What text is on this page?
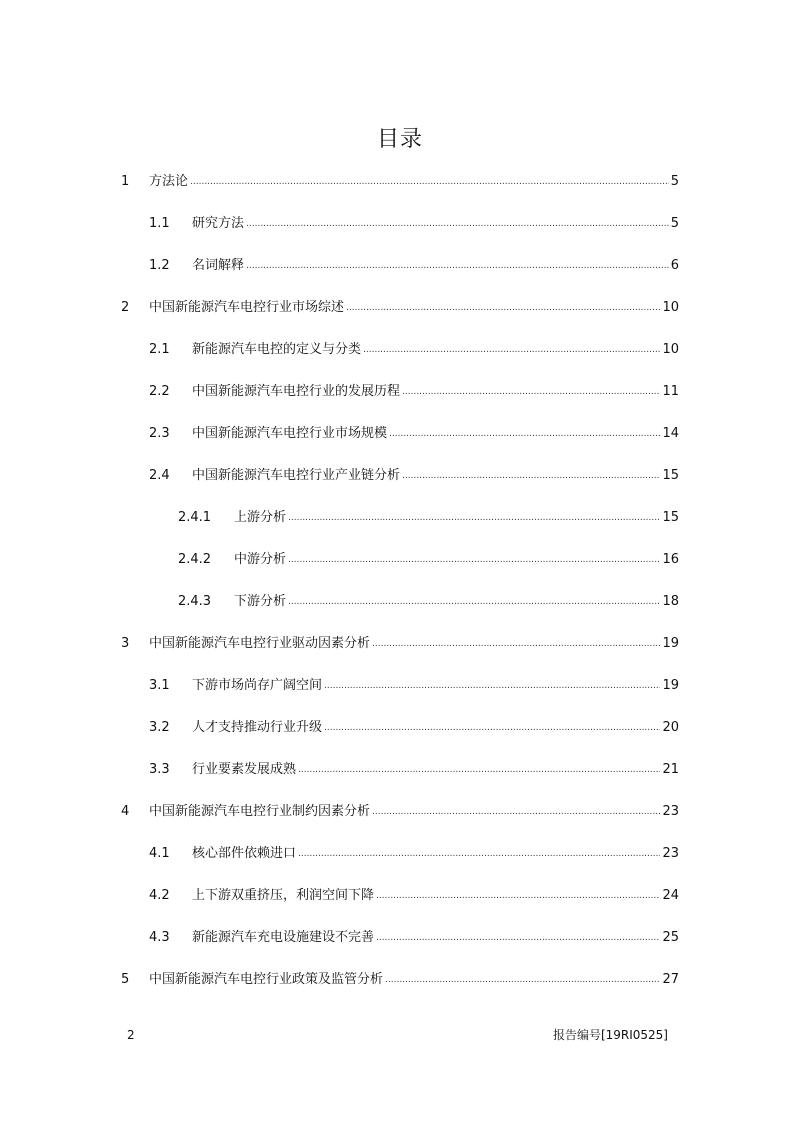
目录
1	方法论 .....	5
1.1	研究方法 .....	5
1.2	名词解释 .....	6
2	中国新能源汽车电控行业市场综述 .....	10
2.1	新能源汽车电控的定义与分类 .....	10
2.2	中国新能源汽车电控行业的发展历程 .....	11
2.3	中国新能源汽车电控行业市场规模 .....	14
2.4	中国新能源汽车电控行业产业链分析 .....	15
2.4.1	上游分析 .....	15
2.4.2	中游分析 .....	16
2.4.3	下游分析 .....	18
3	中国新能源汽车电控行业驱动因素分析 .....	19
3.1	下游市场尚存广阔空间 .....	19
3.2	人才支持推动行业升级 .....	20
3.3	行业要素发展成熟 .....	21
4	中国新能源汽车电控行业制约因素分析 .....	23
4.1	核心部件依赖进口 .....	23
4.2	上下游双重挤压，利润空间下降 .....	24
4.3	新能源汽车充电设施建设不完善 .....	25
5	中国新能源汽车电控行业政策及监管分析 .....	27
2	报告编号[19RI0525]
